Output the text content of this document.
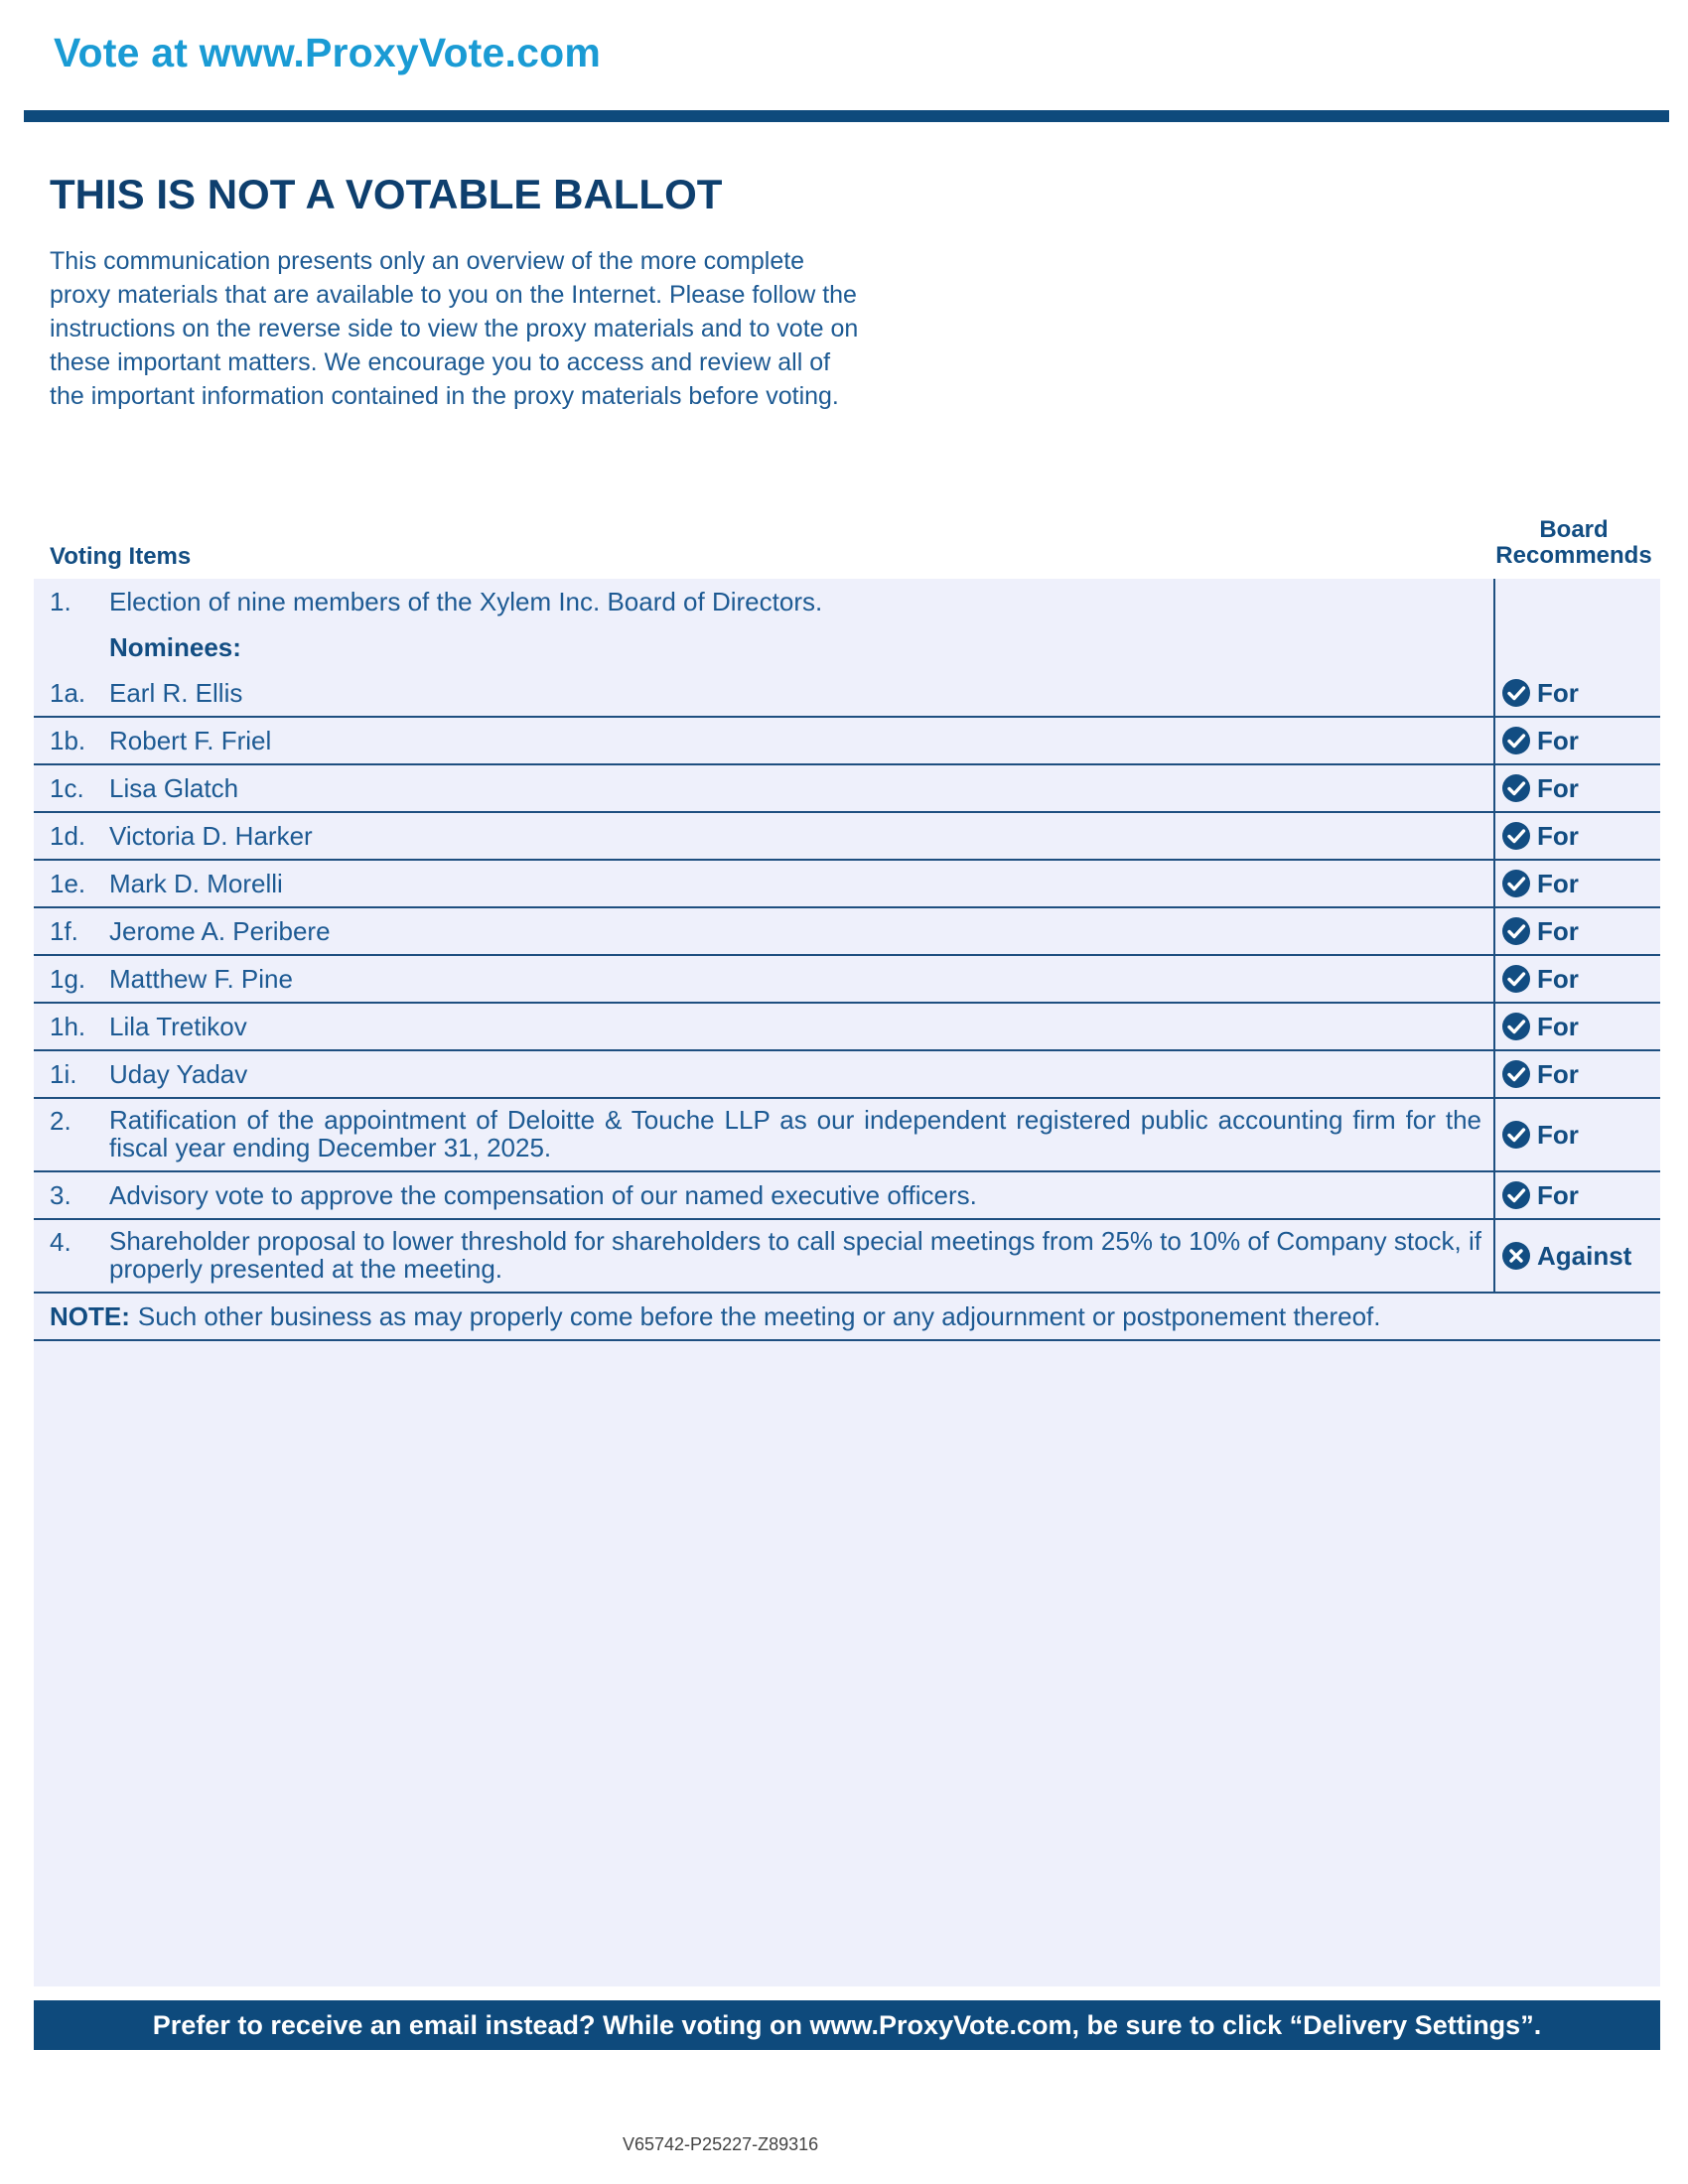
Vote at www.ProxyVote.com
THIS IS NOT A VOTABLE BALLOT

This communication presents only an overview of the more complete proxy materials that are available to you on the Internet. Please follow the instructions on the reverse side to view the proxy materials and to vote on these important matters. We encourage you to access and review all of the important information contained in the proxy materials before voting.

Voting Items
Board
Recommends
1.	Election of nine members of the Xylem Inc. Board of Directors.
Nominees:
1a. Earl R. Ellis	For
1b. Robert F. Friel	For
1c. Lisa Glatch	For
1d. Victoria D. Harker	For
1e. Mark D. Morelli	For
1f.	Jerome A. Peribere	For
1g. Matthew F. Pine	For
1h. Lila Tretikov	For
1i.	Uday Yadav	For
2.	Ratification of the appointment of Deloitte & Touche LLP as our independent registered public accounting firm for the fiscal year ending December 31, 2025.	For
3.	Advisory vote to approve the compensation of our named executive officers.	For
4.	Shareholder proposal to lower threshold for shareholders to call special meetings from 25% to 10% of Company stock, if properly presented at the meeting.	Against
NOTE: Such other business as may properly come before the meeting or any adjournment or postponement thereof.
Prefer to receive an email instead? While voting on www.ProxyVote.com, be sure to click “Delivery Settings”.
V65742-P25227-Z89316
